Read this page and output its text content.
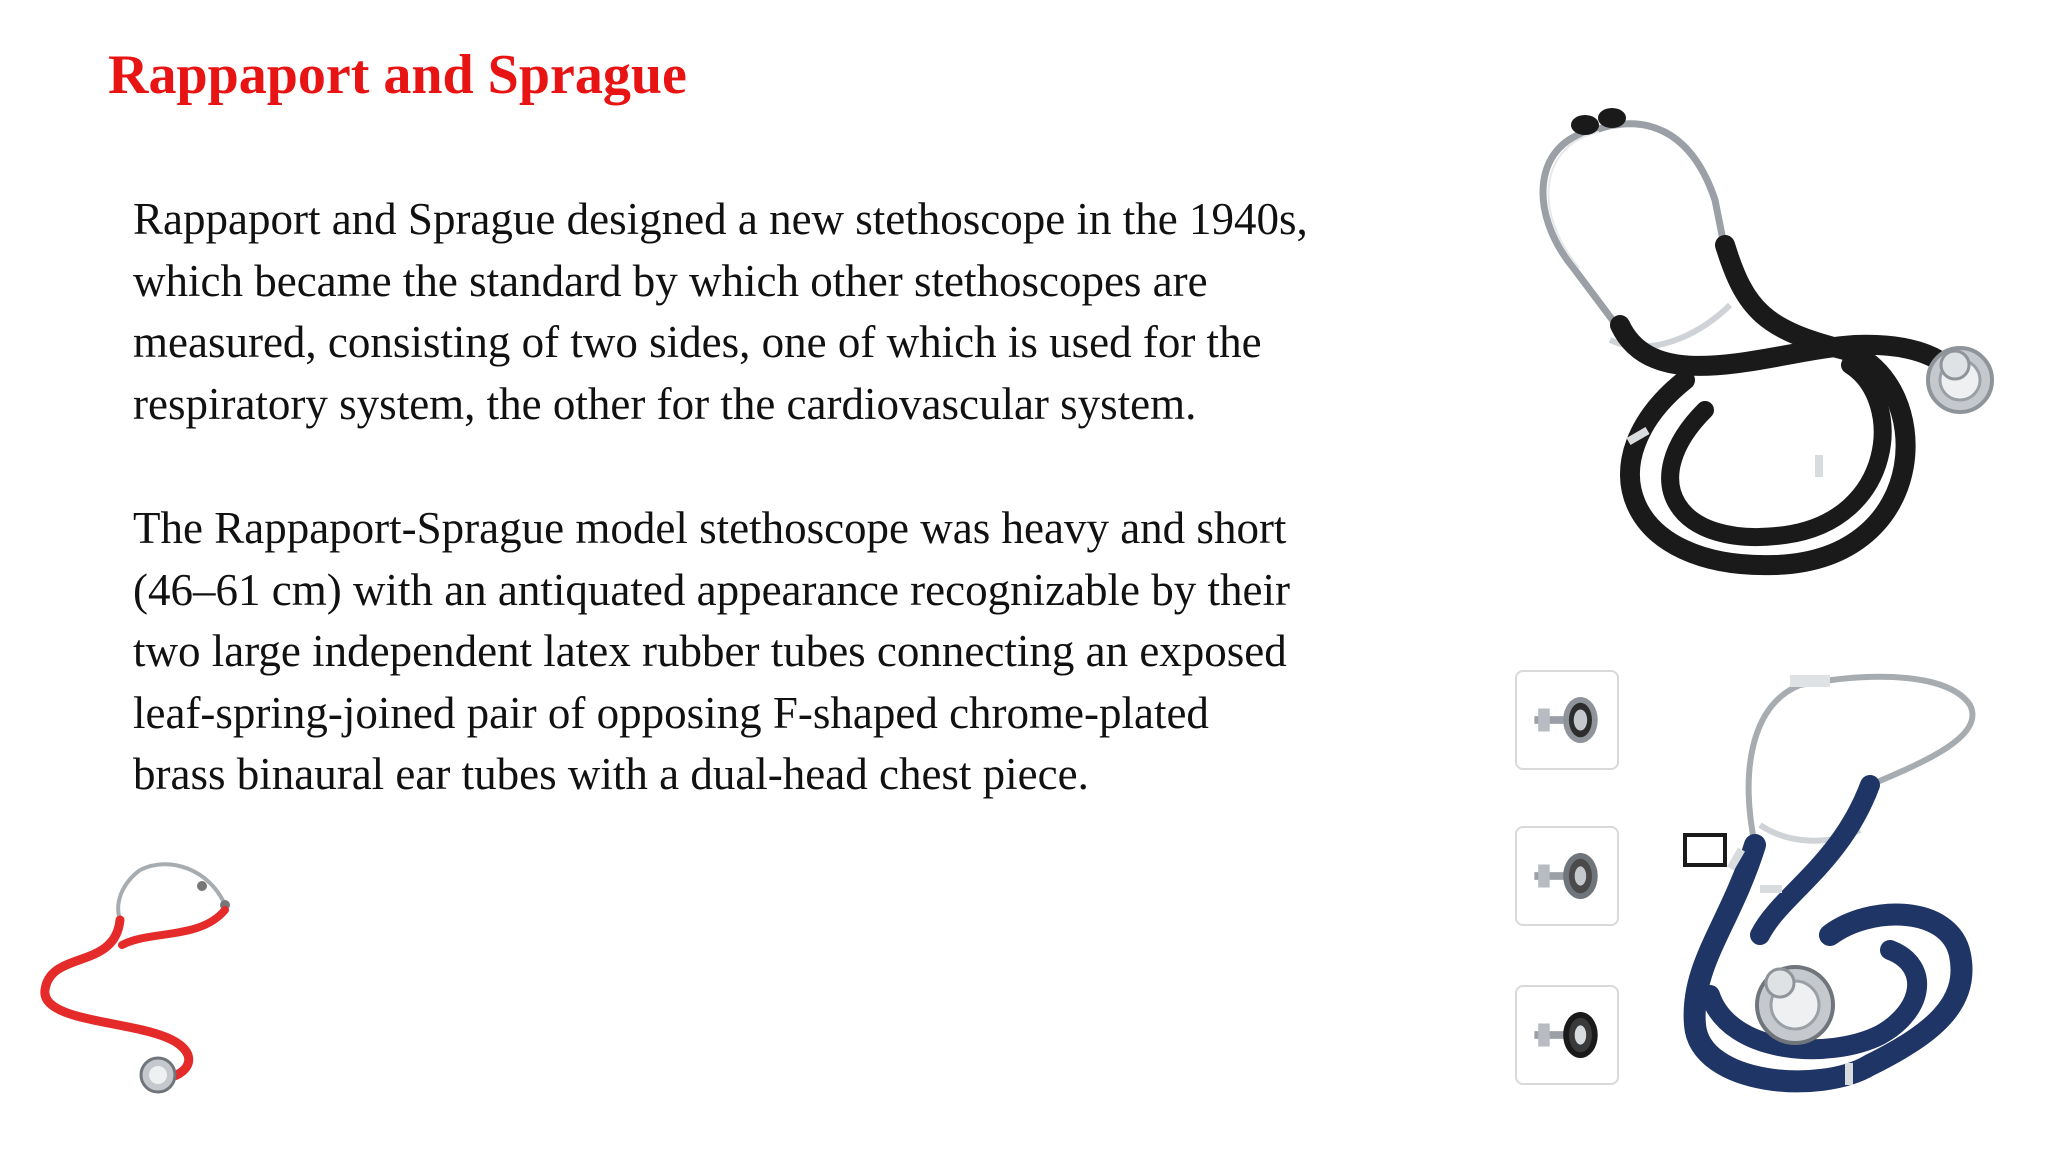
Rappaport and Sprague

Rappaport and Sprague designed a new stethoscope in the 1940s,
which became the standard by which other stethoscopes are
measured, consisting of two sides, one of which is used for the
respiratory system, the other for the cardiovascular system.

The Rappaport-Sprague model stethoscope was heavy and short
(46–61 cm) with an antiquated appearance recognizable by their
two large independent latex rubber tubes connecting an exposed
leaf-spring-joined pair of opposing F-shaped chrome-plated
brass binaural ear tubes with a dual-head chest piece.
